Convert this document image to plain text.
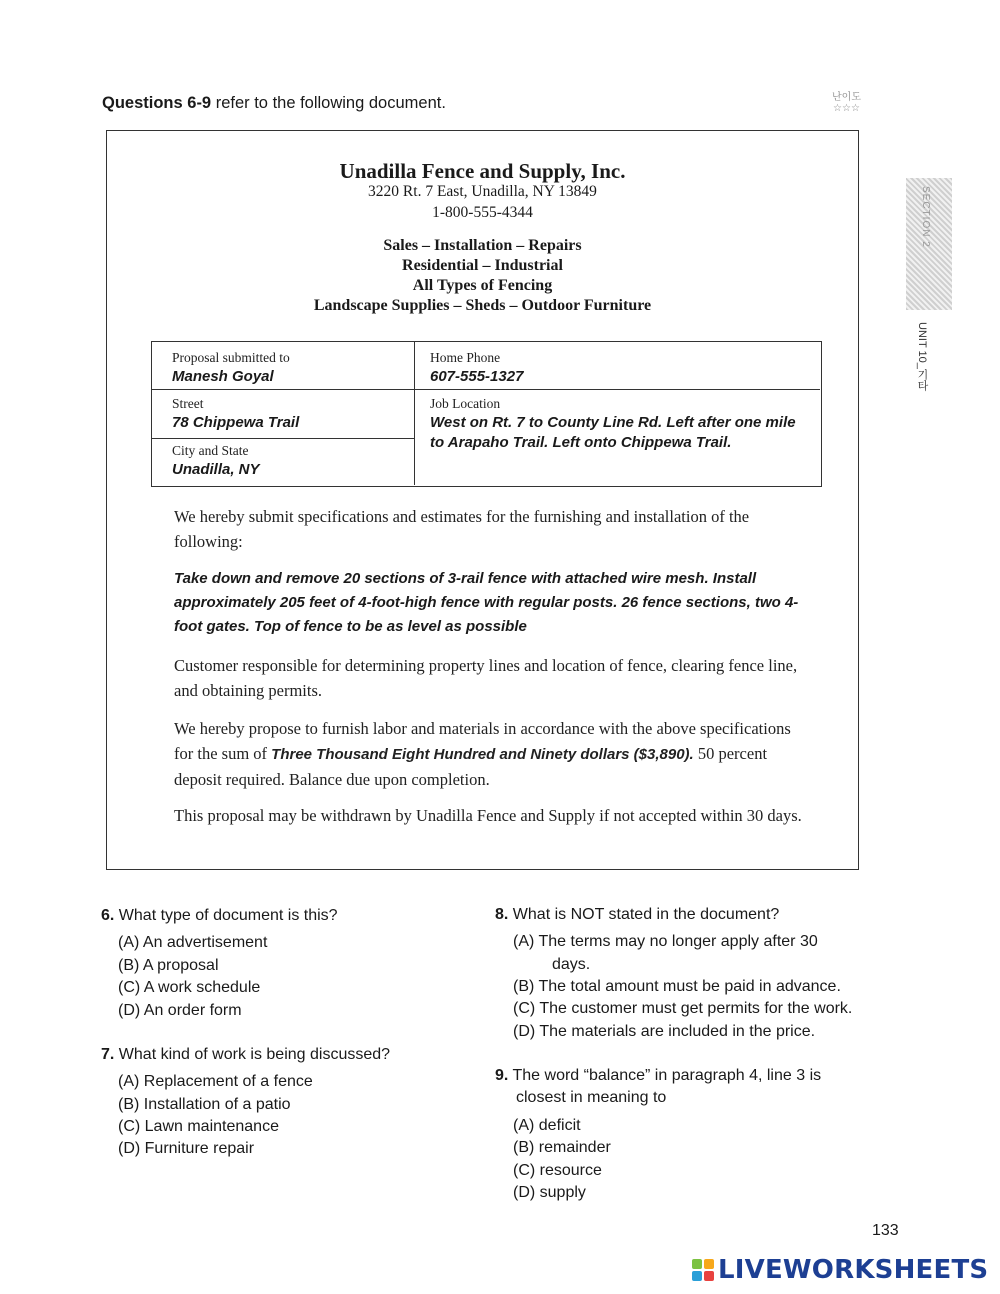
Questions 6-9 refer to the following document.	난이도
☆☆☆
SECTION 2
UNIT 10_기타
Unadilla Fence and Supply, Inc.
3220 Rt. 7 East, Unadilla, NY 13849
1-800-555-4344
Sales – Installation – Repairs
Residential – Industrial
All Types of Fencing
Landscape Supplies – Sheds – Outdoor Furniture
Proposal submitted to
Manesh Goyal
Home Phone
607-555-1327
Street
78 Chippewa Trail
Job Location
West on Rt. 7 to County Line Rd. Left after one mile to Arapaho Trail. Left onto Chippewa Trail.
City and State
Unadilla, NY
We hereby submit specifications and estimates for the furnishing and installation of the following:
Take down and remove 20 sections of 3-rail fence with attached wire mesh. Install approximately 205 feet of 4-foot-high fence with regular posts. 26 fence sections, two 4-foot gates. Top of fence to be as level as possible
Customer responsible for determining property lines and location of fence, clearing fence line, and obtaining permits.
We hereby propose to furnish labor and materials in accordance with the above specifications for the sum of Three Thousand Eight Hundred and Ninety dollars ($3,890). 50 percent deposit required. Balance due upon completion.
This proposal may be withdrawn by Unadilla Fence and Supply if not accepted within 30 days.
6. What type of document is this?
(A) An advertisement
(B) A proposal
(C) A work schedule
(D) An order form
7. What kind of work is being discussed?
(A) Replacement of a fence
(B) Installation of a patio
(C) Lawn maintenance
(D) Furniture repair
8. What is NOT stated in the document?
(A) The terms may no longer apply after 30
days.
(B) The total amount must be paid in advance.
(C) The customer must get permits for the work.
(D) The materials are included in the price.
9. The word “balance” in paragraph 4, line 3 is
closest in meaning to
(A) deficit
(B) remainder
(C) resource
(D) supply
133
LIVEWORKSHEETS
